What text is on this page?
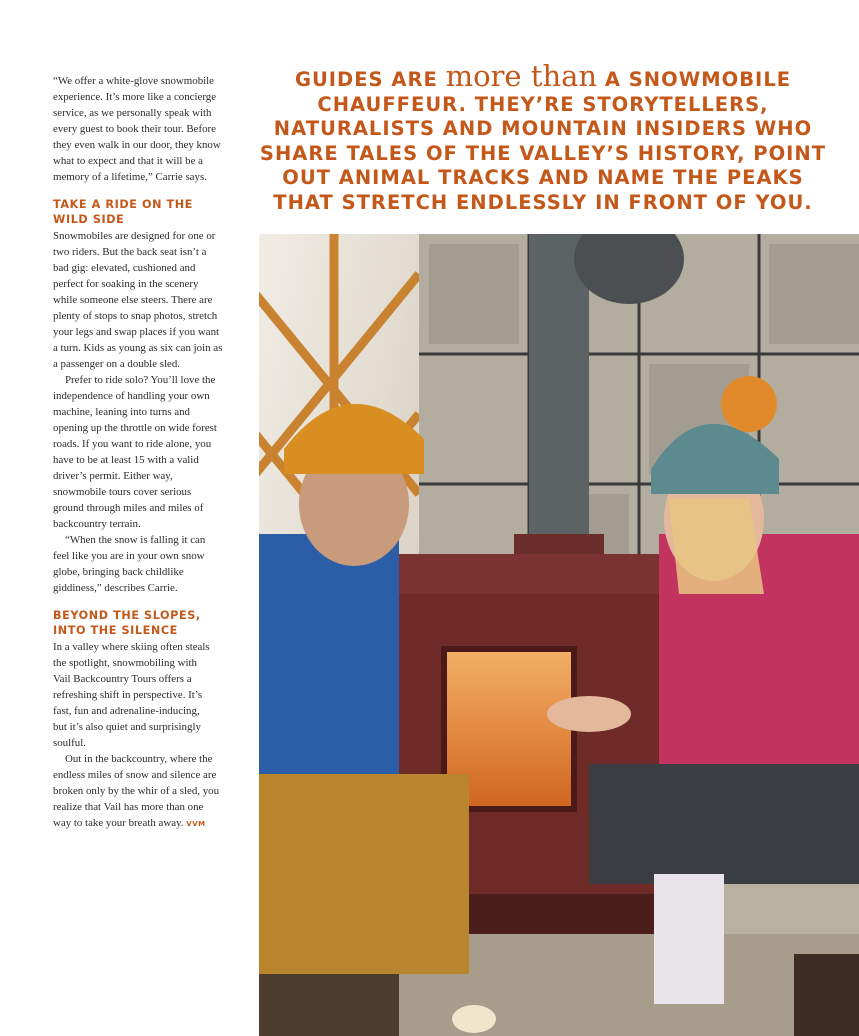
“We offer a white-glove snowmobile experience. It’s more like a concierge service, as we personally speak with every guest to book their tour. Before they even walk in our door, they know what to expect and that it will be a memory of a lifetime,” Carrie says.

TAKE A RIDE ON THE WILD SIDE

Snowmobiles are designed for one or two riders. But the back seat isn’t a bad gig: elevated, cushioned and perfect for soaking in the scenery while someone else steers. There are plenty of stops to snap photos, stretch your legs and swap places if you want a turn. Kids as young as six can join as a passenger on a double sled.

Prefer to ride solo? You’ll love the independence of handling your own machine, leaning into turns and opening up the throttle on wide forest roads. If you want to ride alone, you have to be at least 15 with a valid driver’s permit. Either way, snowmobile tours cover serious ground through miles and miles of backcountry terrain.

“When the snow is falling it can feel like you are in your own snow globe, bringing back childlike giddiness,” describes Carrie.

BEYOND THE SLOPES, INTO THE SILENCE

In a valley where skiing often steals the spotlight, snowmobiling with Vail Backcountry Tours offers a refreshing shift in perspective. It’s fast, fun and adrenaline-inducing, but it’s also quiet and surprisingly soulful.

Out in the backcountry, where the endless miles of snow and silence are broken only by the whir of a sled, you realize that Vail has more than one way to take your breath away. VVM

GUIDES ARE more than A SNOWMOBILE CHAUFFEUR. THEY’RE STORYTELLERS, NATURALISTS AND MOUNTAIN INSIDERS WHO SHARE TALES OF THE VALLEY’S HISTORY, POINT OUT ANIMAL TRACKS AND NAME THE PEAKS THAT STRETCH ENDLESSLY IN FRONT OF YOU.
